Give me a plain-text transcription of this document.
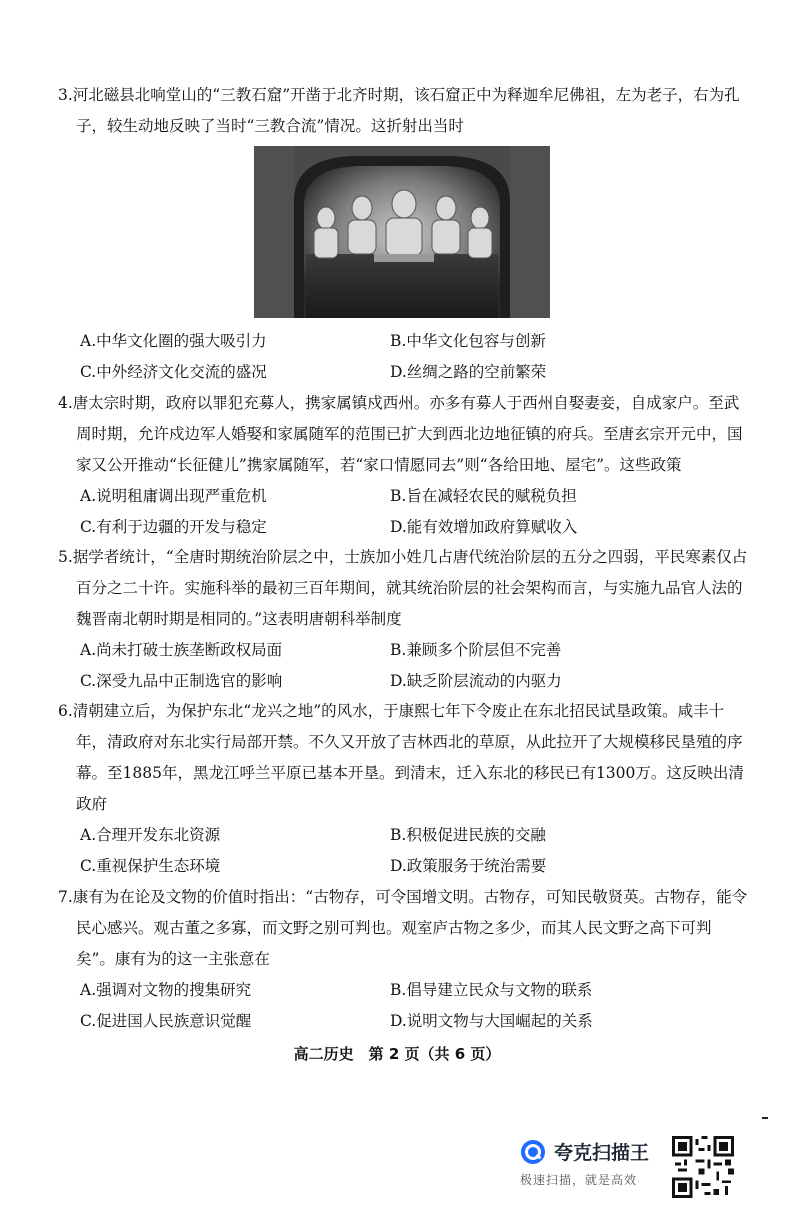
3.河北磁县北响堂山的“三教石窟”开凿于北齐时期，该石窟正中为释迦牟尼佛祖，左为老子，右为孔子，较生动地反映了当时“三教合流”情况。这折射出当时

A.中华文化圈的强大吸引力	B.中华文化包容与创新
C.中外经济文化交流的盛况	D.丝绸之路的空前繁荣

4.唐太宗时期，政府以罪犯充募人，携家属镇戍西州。亦多有募人于西州自娶妻妾，自成家户。至武周时期，允许戍边军人婚娶和家属随军的范围已扩大到西北边地征镇的府兵。至唐玄宗开元中，国家又公开推动“长征健儿”携家属随军，若“家口情愿同去”则“各给田地、屋宅”。这些政策

A.说明租庸调出现严重危机	B.旨在减轻农民的赋税负担
C.有利于边疆的开发与稳定	D.能有效增加政府算赋收入

5.据学者统计，“全唐时期统治阶层之中，士族加小姓几占唐代统治阶层的五分之四弱，平民寒素仅占百分之二十许。实施科举的最初三百年期间，就其统治阶层的社会架构而言，与实施九品官人法的魏晋南北朝时期是相同的。”这表明唐朝科举制度

A.尚未打破士族垄断政权局面	B.兼顾多个阶层但不完善
C.深受九品中正制选官的影响	D.缺乏阶层流动的内驱力

6.清朝建立后，为保护东北“龙兴之地”的风水，于康熙七年下令废止在东北招民试垦政策。咸丰十年，清政府对东北实行局部开禁。不久又开放了吉林西北的草原，从此拉开了大规模移民垦殖的序幕。至1885年，黑龙江呼兰平原已基本开垦。到清末，迁入东北的移民已有1300万。这反映出清政府

A.合理开发东北资源	B.积极促进民族的交融
C.重视保护生态环境	D.政策服务于统治需要

7.康有为在论及文物的价值时指出：“古物存，可令国增文明。古物存，可知民敬贤英。古物存，能令民心感兴。观古董之多寡，而文野之别可判也。观室庐古物之多少，而其人民文野之高下可判矣”。康有为的这一主张意在

A.强调对文物的搜集研究	B.倡导建立民众与文物的联系
C.促进国人民族意识觉醒	D.说明文物与大国崛起的关系
高二历史　第 2 页（共 6 页）
夸克扫描王
极速扫描，就是高效
